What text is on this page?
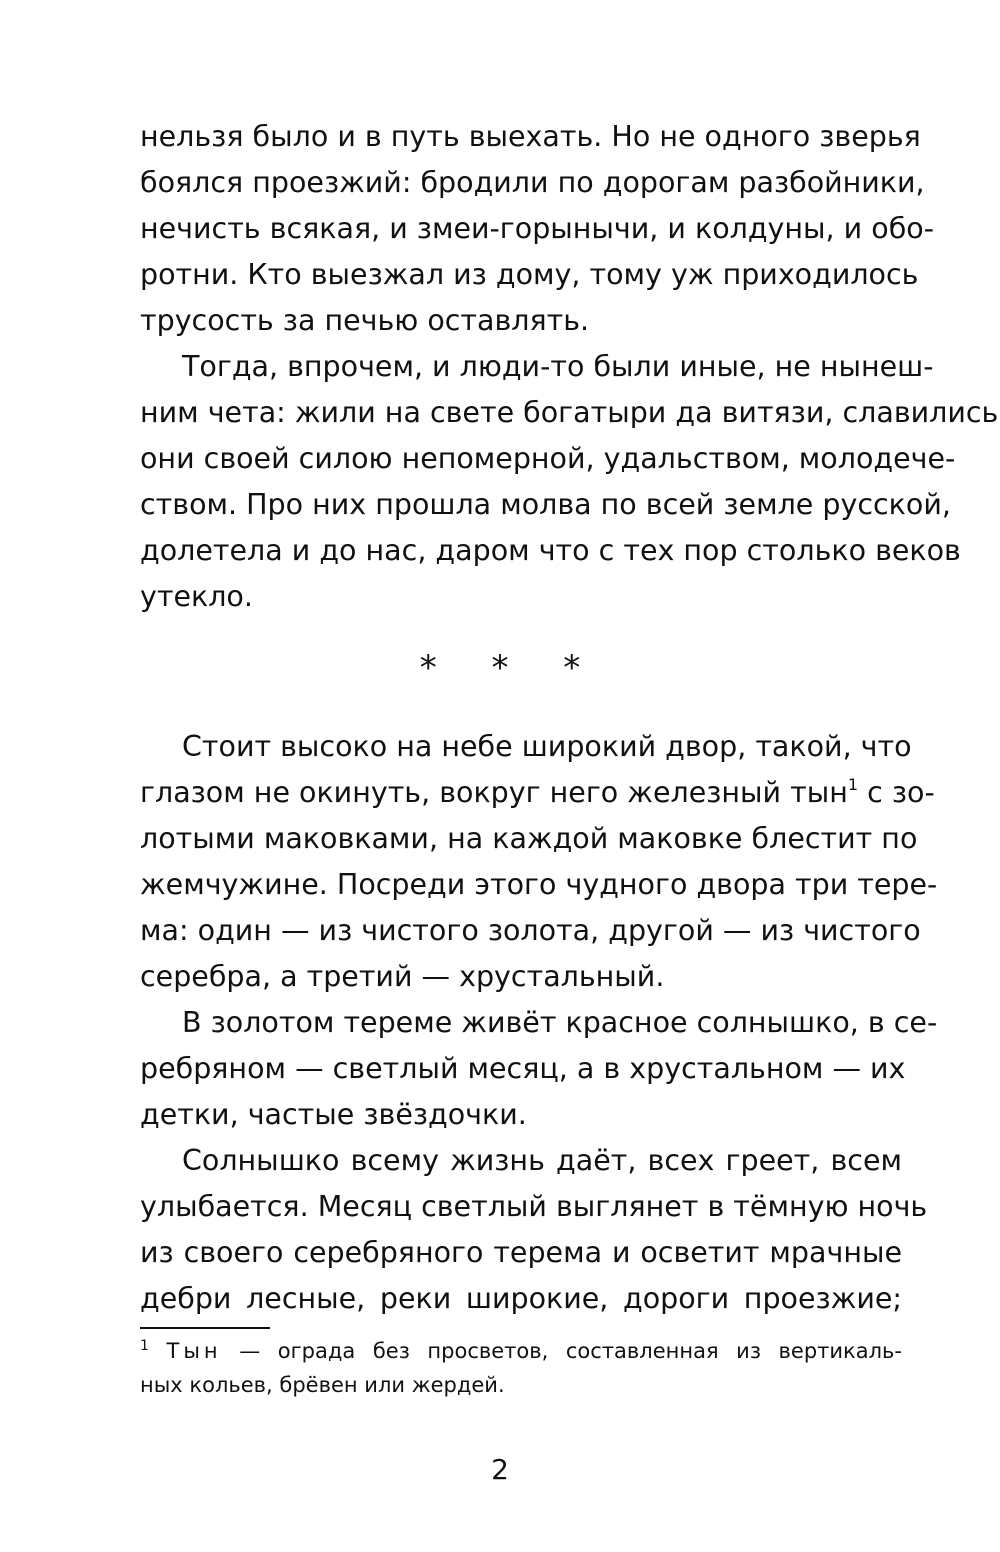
нельзя было и в путь выехать. Но не одного зверья
боялся проезжий: бродили по дорогам разбойники,
нечисть всякая, и змеи-горынычи, и колдуны, и обо-
ротни. Кто выезжал из дому, тому уж приходилось
трусость за печью оставлять.
Тогда, впрочем, и люди-то были иные, не нынеш-
ним чета: жили на свете богатыри да витязи, славились
они своей силою непомерной, удальством, молодече-
ством. Про них прошла молва по всей земле русской,
долетела и до нас, даром что с тех пор столько веков
утекло.
* * *
Стоит высоко на небе широкий двор, такой, что
глазом не окинуть, вокруг него железный тын$^1$ с зо-
лотыми маковками, на каждой маковке блестит по
жемчужине. Посреди этого чудного двора три тере-
ма: один — из чистого золота, другой — из чистого
серебра, а третий — хрустальный.
В золотом тереме живёт красное солнышко, в се-
ребряном — светлый месяц, а в хрустальном — их
детки, частые звёздочки.
Солнышко всему жизнь даёт, всех греет, всем
улыбается. Месяц светлый выглянет в тёмную ночь
из своего серебряного терема и осветит мрачные
дебри лесные, реки широкие, дороги проезжие;
$^1$ Тын — ограда без просветов, составленная из вертикаль-
ных кольев, брёвен или жердей.
2
